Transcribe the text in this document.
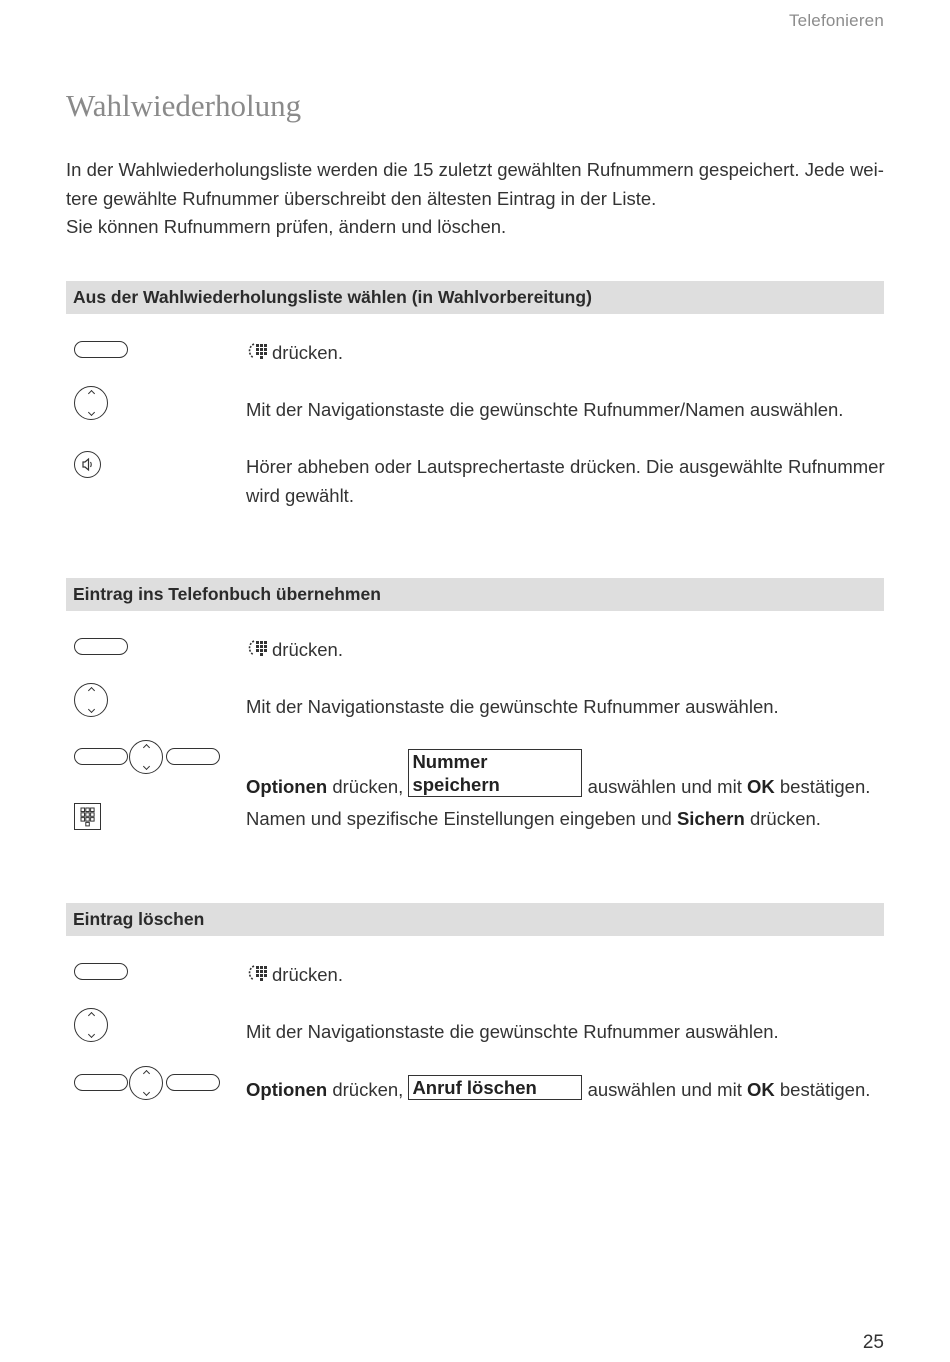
Telefonieren
Wahlwiederholung

In der Wahlwiederholungsliste werden die 15 zuletzt gewählten Rufnummern gespeichert. Jede wei-

tere gewählte Rufnummer überschreibt den ältesten Eintrag in der Liste.

Sie können Rufnummern prüfen, ändern und löschen.

Aus der Wahlwiederholungsliste wählen (in Wahlvorbereitung)
drücken.
Mit der Navigationstaste die gewünschte Rufnummer/Namen auswählen.
Hörer abheben oder Lautsprechertaste drücken. Die ausgewählte Rufnummer wird gewählt.
Eintrag ins Telefonbuch übernehmen
drücken.
Mit der Navigationstaste die gewünschte Rufnummer auswählen.
Optionen drücken, Nummer speichern	auswählen und mit OK bestätigen.
Namen und spezifische Einstellungen eingeben und Sichern drücken.
Eintrag löschen
drücken.
Mit der Navigationstaste die gewünschte Rufnummer auswählen.
Optionen drücken, Anruf löschen auswählen und mit OK bestätigen.
25
